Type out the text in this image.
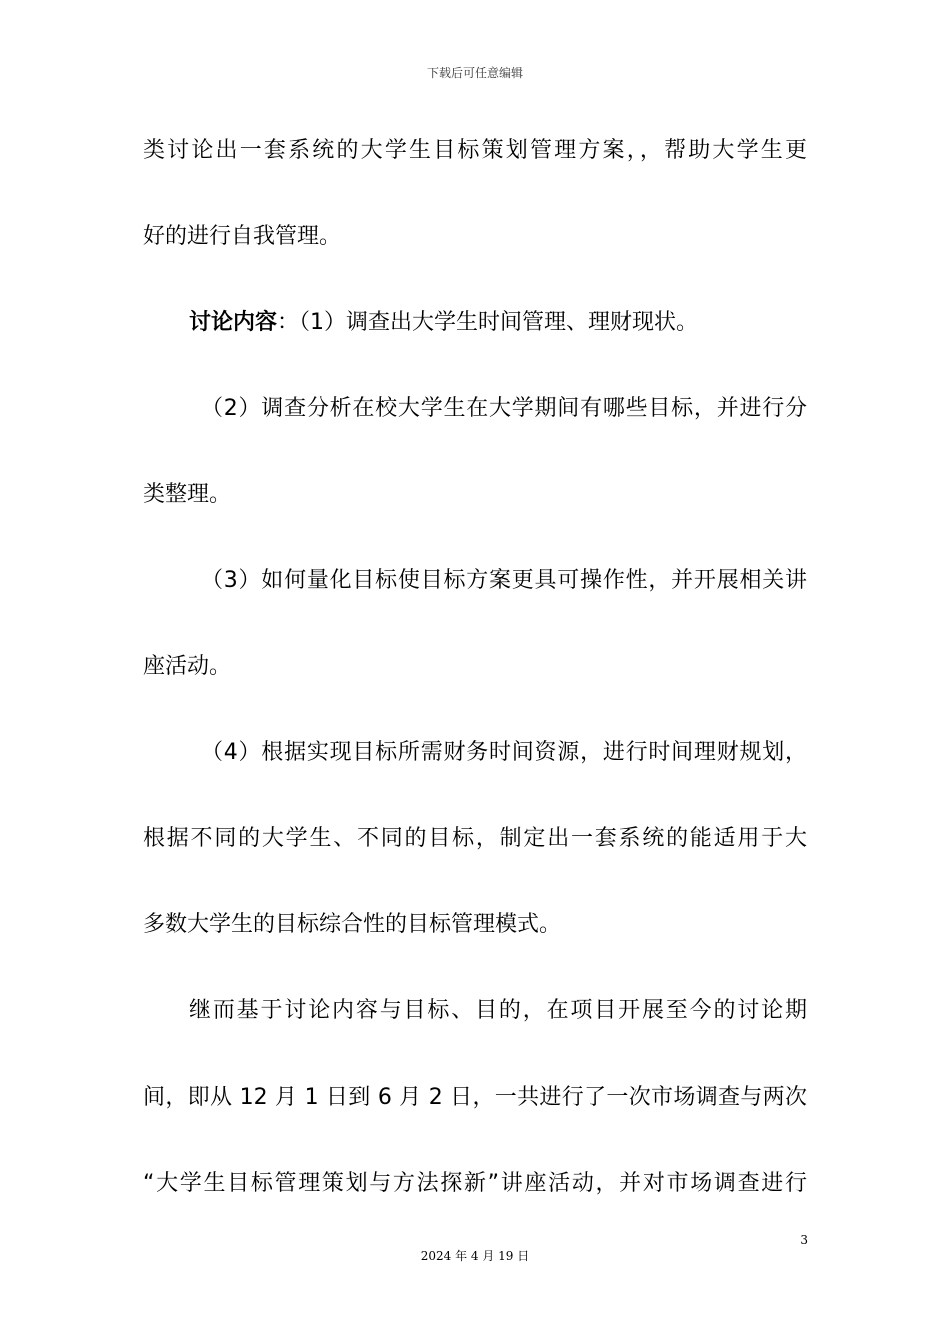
下载后可任意编辑
类讨论出一套系统的大学生目标策划管理方案，，帮助大学生更
好的进行自我管理。
讨论内容：（1）调查出大学生时间管理、理财现状。
（2）调查分析在校大学生在大学期间有哪些目标，并进行分
类整理。
（3）如何量化目标使目标方案更具可操作性，并开展相关讲
座活动。
（4）根据实现目标所需财务时间资源，进行时间理财规划，
根据不同的大学生、不同的目标，制定出一套系统的能适用于大
多数大学生的目标综合性的目标管理模式。
继而基于讨论内容与目标、目的，在项目开展至今的讨论期
间，即从 12 月 1 日到 6 月 2 日，一共进行了一次市场调查与两次
“大学生目标管理策划与方法探新”讲座活动，并对市场调查进行
3
2024 年 4 月 19 日
